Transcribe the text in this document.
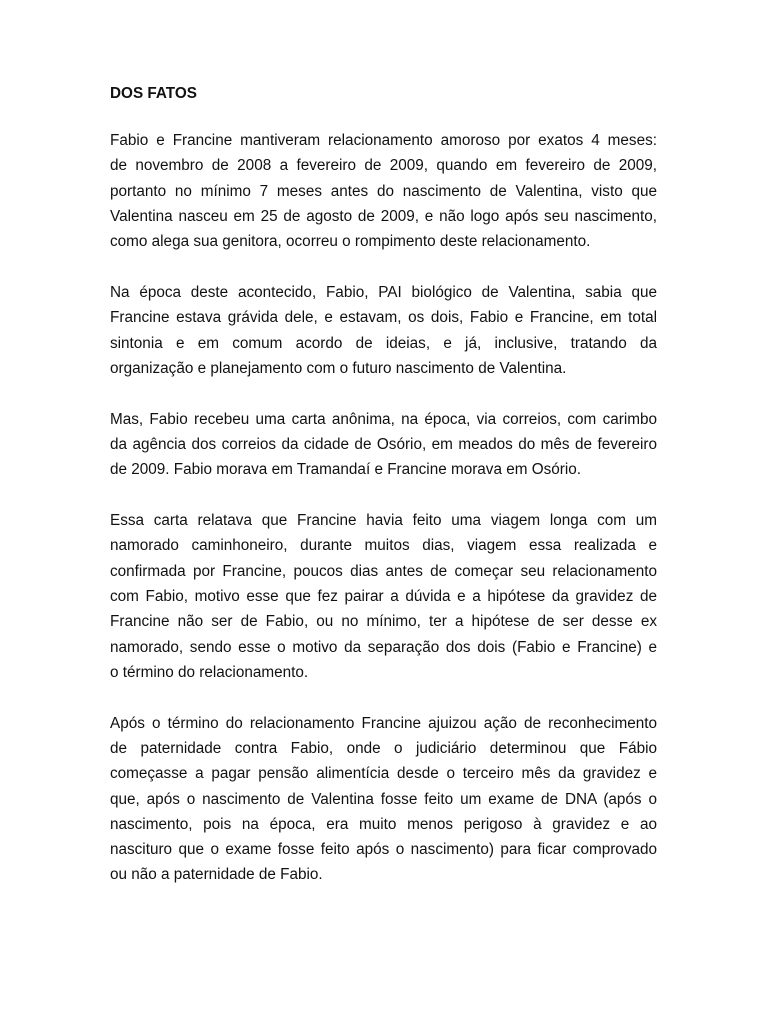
DOS FATOS
Fabio e Francine mantiveram relacionamento amoroso por exatos 4 meses:
de novembro de 2008 a fevereiro de 2009, quando em fevereiro de 2009,
portanto no mínimo 7 meses antes do nascimento de Valentina, visto que
Valentina nasceu em 25 de agosto de 2009, e não logo após seu nascimento,
como alega sua genitora, ocorreu o rompimento deste relacionamento.
Na época deste acontecido, Fabio, PAI biológico de Valentina, sabia que
Francine estava grávida dele, e estavam, os dois, Fabio e Francine, em total
sintonia e em comum acordo de ideias, e já, inclusive, tratando da
organização e planejamento com o futuro nascimento de Valentina.
Mas, Fabio recebeu uma carta anônima, na época, via correios, com carimbo
da agência dos correios da cidade de Osório, em meados do mês de fevereiro
de 2009. Fabio morava em Tramandaí e Francine morava em Osório.
Essa carta relatava que Francine havia feito uma viagem longa com um
namorado caminhoneiro, durante muitos dias, viagem essa realizada e
confirmada por Francine, poucos dias antes de começar seu relacionamento
com Fabio, motivo esse que fez pairar a dúvida e a hipótese da gravidez de
Francine não ser de Fabio, ou no mínimo, ter a hipótese de ser desse ex
namorado, sendo esse o motivo da separação dos dois (Fabio e Francine) e
o término do relacionamento.
Após o término do relacionamento Francine ajuizou ação de reconhecimento
de paternidade contra Fabio, onde o judiciário determinou que Fábio
começasse a pagar pensão alimentícia desde o terceiro mês da gravidez e
que, após o nascimento de Valentina fosse feito um exame de DNA (após o
nascimento, pois na época, era muito menos perigoso à gravidez e ao
nascituro que o exame fosse feito após o nascimento) para ficar comprovado
ou não a paternidade de Fabio.
